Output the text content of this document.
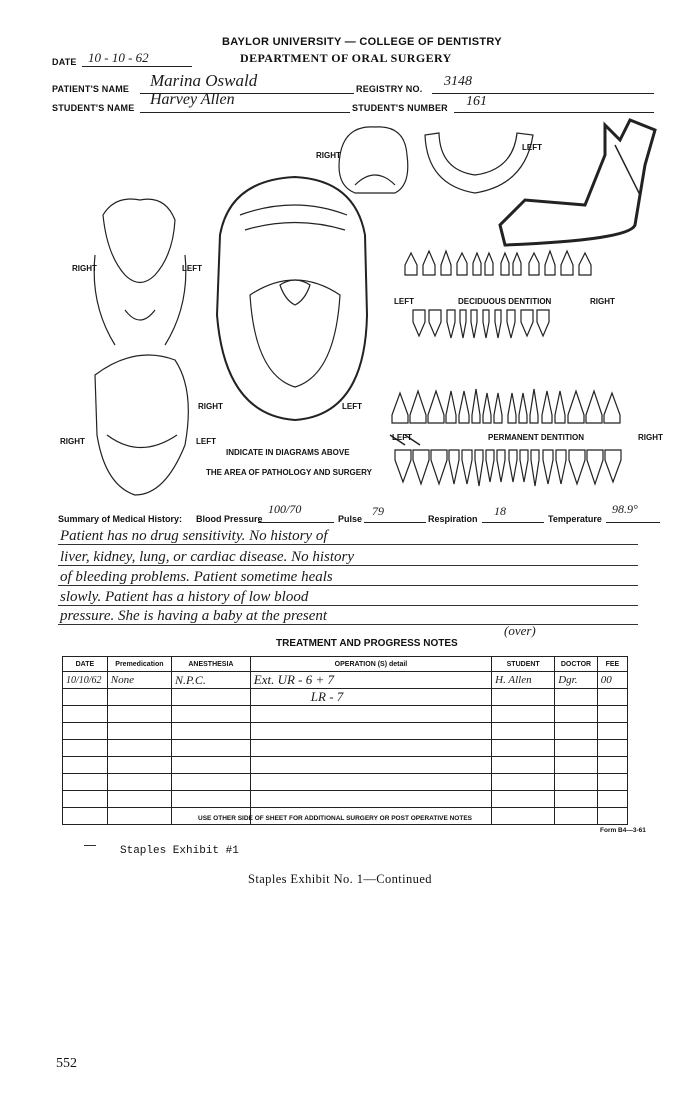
BAYLOR UNIVERSITY — COLLEGE OF DENTISTRY
DEPARTMENT OF ORAL SURGERY
DATE 10 - 10 - 62
PATIENT'S NAME Marina Oswald	REGISTRY NO. 3148
STUDENT'S NAME Harvey Allen	STUDENT'S NUMBER 161
RIGHT
LEFT
RIGHT	LEFT
LEFT	DECIDUOUS DENTITION	RIGHT
RIGHT	LEFT
RIGHT	LEFT	LEFT	PERMANENT DENTITION	RIGHT
INDICATE IN DIAGRAMS ABOVE
THE AREA OF PATHOLOGY AND SURGERY
Summary of Medical History: Blood Pressure
100/70
Pulse
79
Respiration
18
Temperature
98.9°
Patient has no drug sensitivity. No history of
liver, kidney, lung, or cardiac disease. No history
of bleeding problems. Patient sometime heals
slowly. Patient has a history of low blood
pressure. She is having a baby at the present
(over)
TREATMENT AND PROGRESS NOTES
DATE	Premedication	ANESTHESIA	OPERATION (S) detail	STUDENT	DOCTOR	FEE
10/10/62	None	N.P.C.	Ext. UR - 6 + 7	H. Allen	Dgr.	00
			LR - 7			

USE OTHER SIDE OF SHEET FOR ADDITIONAL SURGERY OR POST OPERATIVE NOTES
Form B4—3-61
Staples Exhibit #1
Staples Exhibit No. 1—Continued
552
